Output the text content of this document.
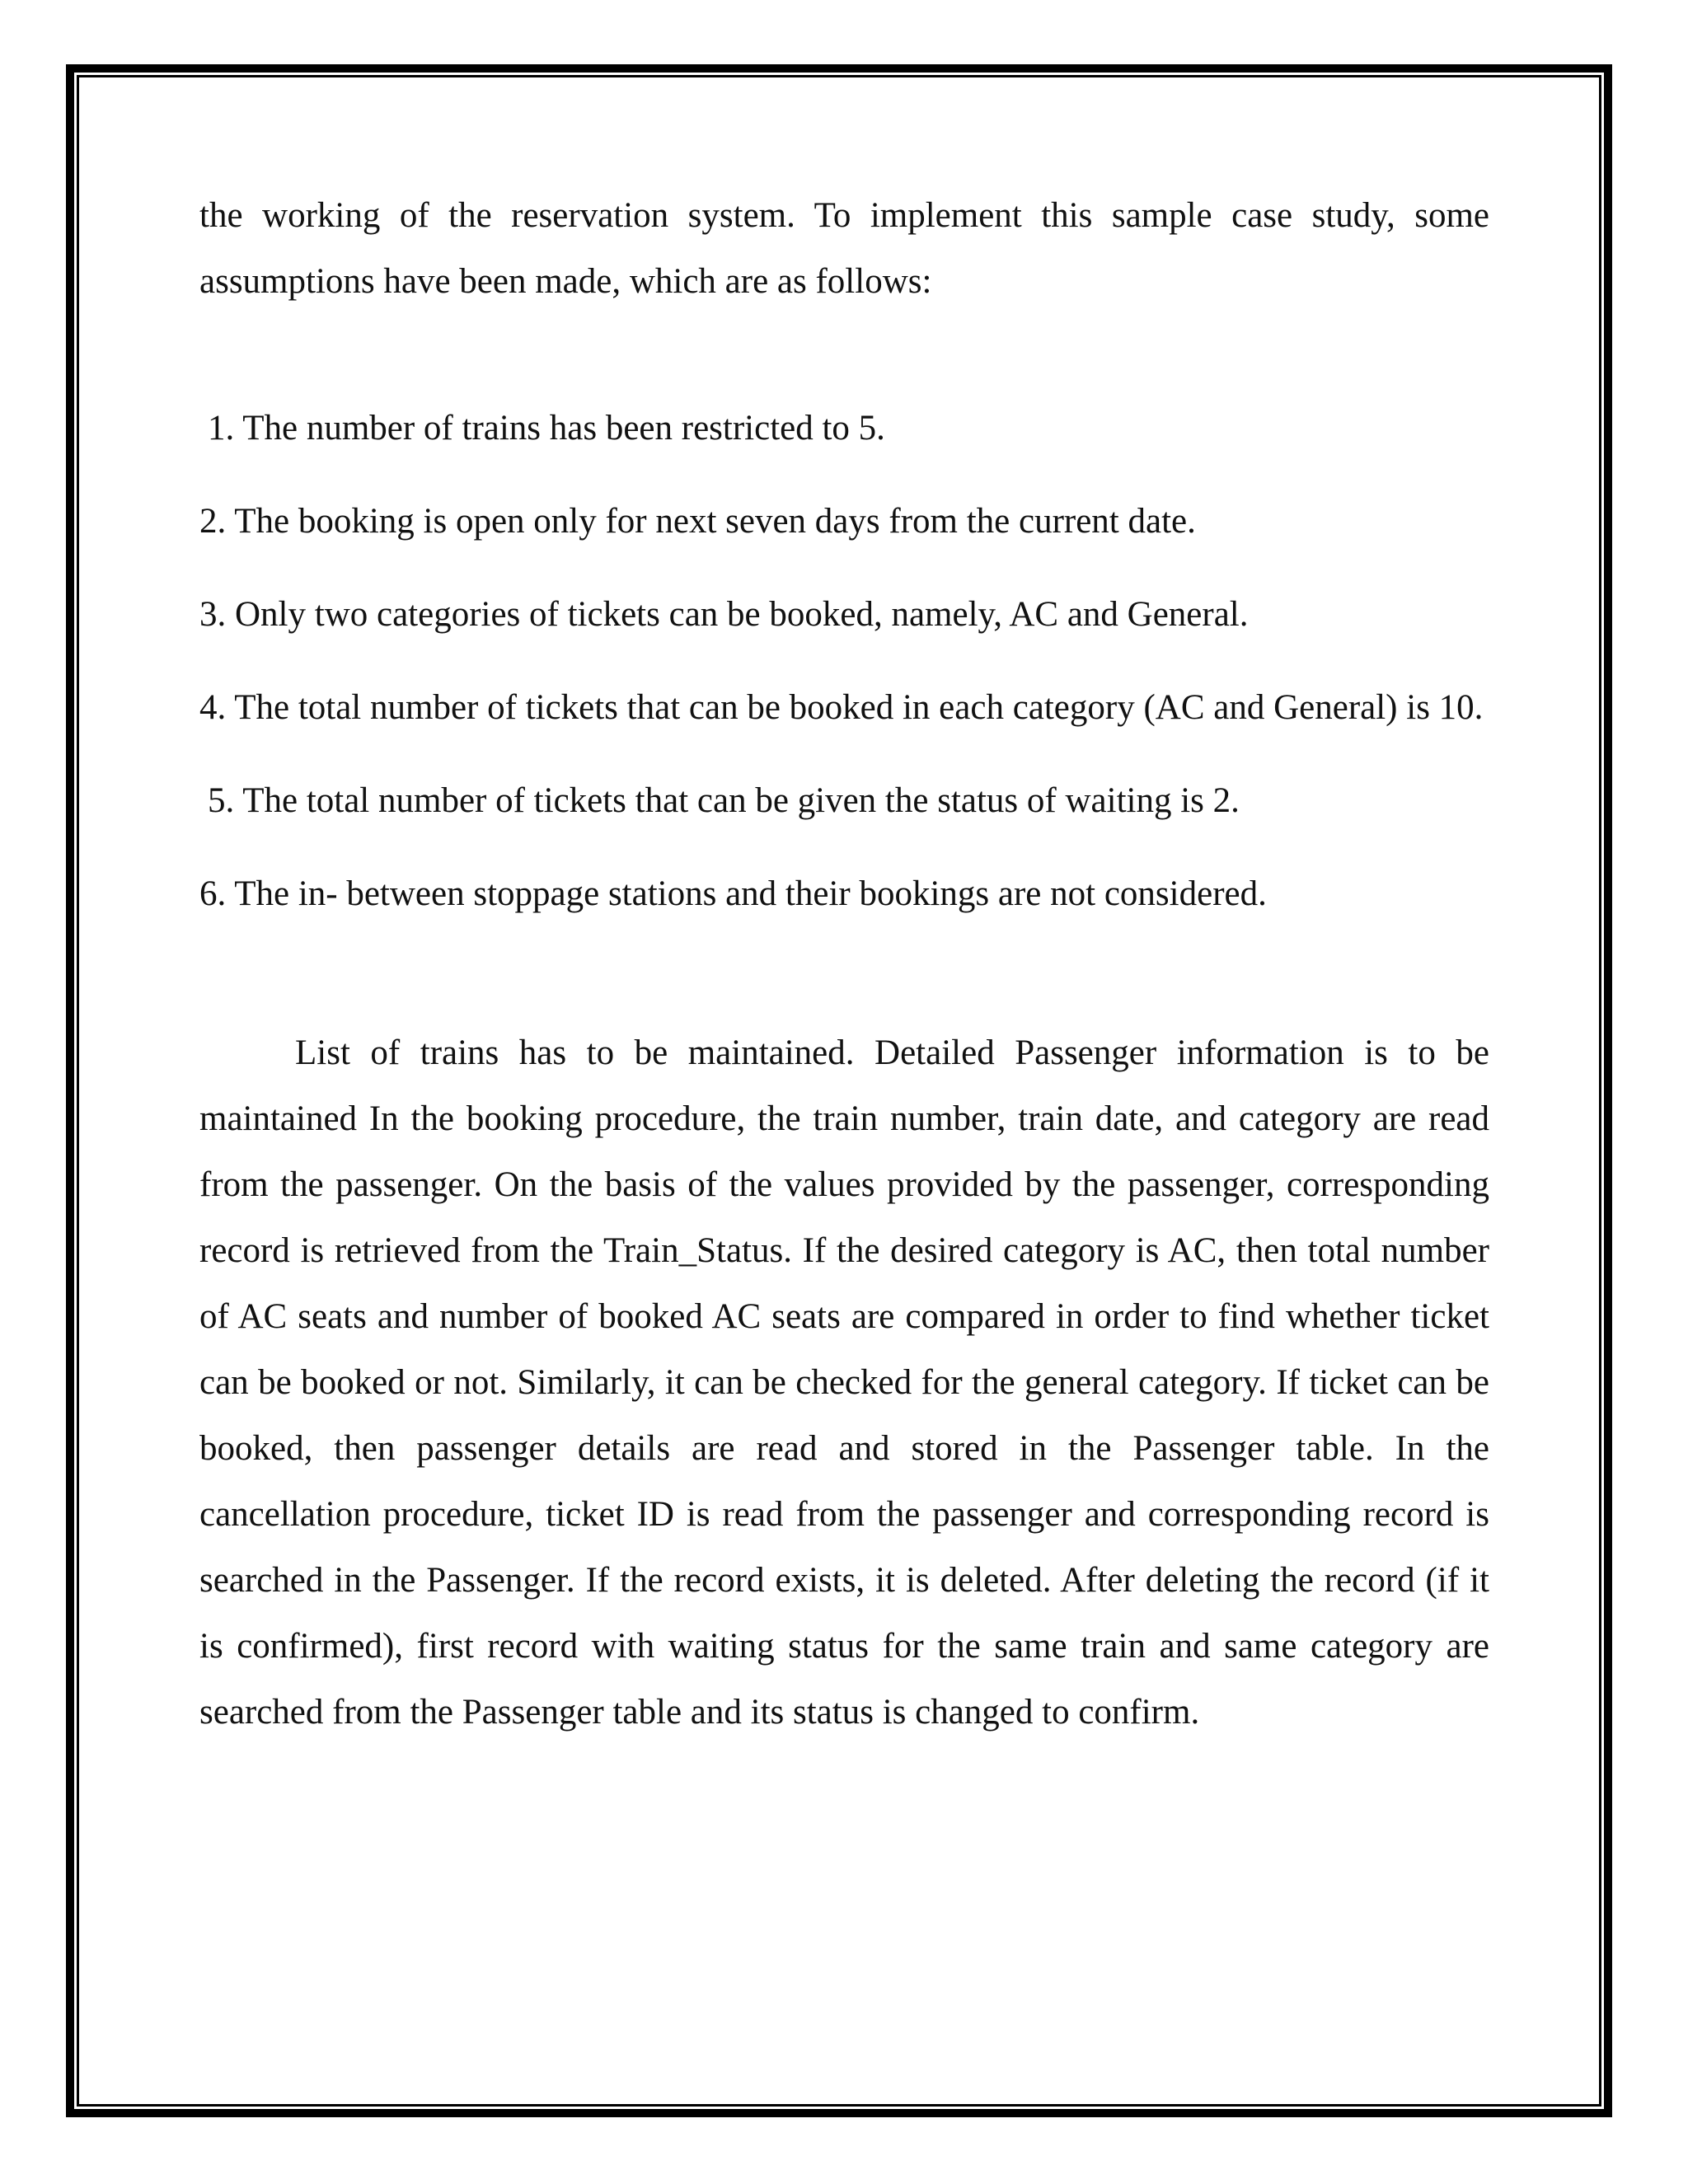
the working of the reservation system. To implement this sample case study, some assumptions have been made, which are as follows:

1. The number of trains has been restricted to 5.
2. The booking is open only for next seven days from the current date.
3. Only two categories of tickets can be booked, namely, AC and General.
4. The total number of tickets that can be booked in each category (AC and General) is 10.
5. The total number of tickets that can be given the status of waiting is 2.
6. The in- between stoppage stations and their bookings are not considered.

List of trains has to be maintained. Detailed Passenger information is to be maintained In the booking procedure, the train number, train date, and category are read from the passenger. On the basis of the values provided by the passenger, corresponding record is retrieved from the Train_Status. If the desired category is AC, then total number of AC seats and number of booked AC seats are compared in order to find whether ticket can be booked or not. Similarly, it can be checked for the general category. If ticket can be booked, then passenger details are read and stored in the Passenger table. In the cancellation procedure, ticket ID is read from the passenger and corresponding record is searched in the Passenger. If the record exists, it is deleted. After deleting the record (if it is confirmed), first record with waiting status for the same train and same category are searched from the Passenger table and its status is changed to confirm.
